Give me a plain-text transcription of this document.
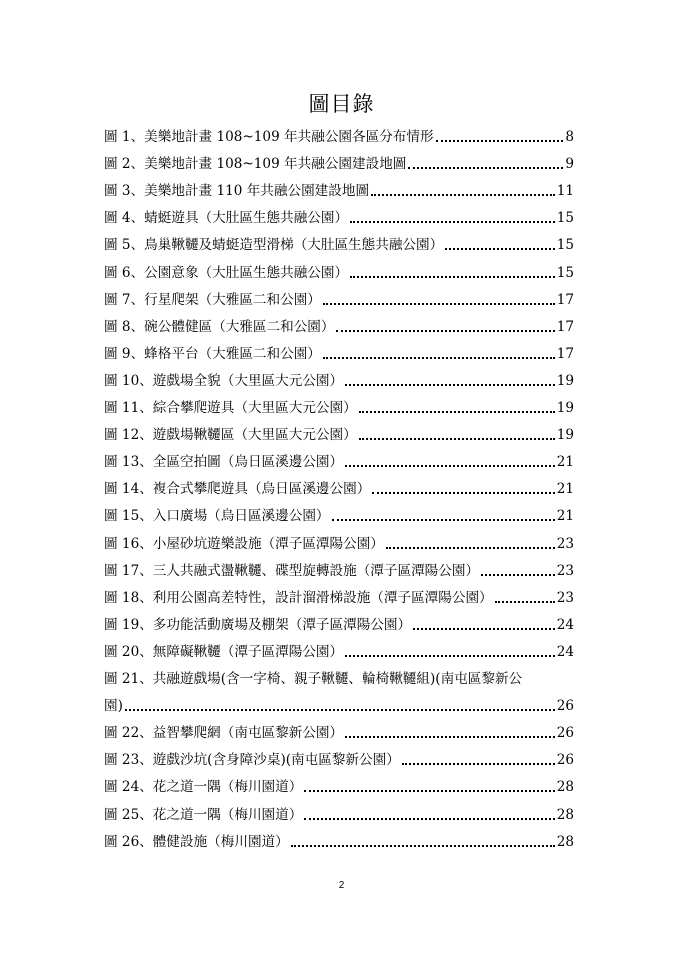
圖目錄
圖 1、美樂地計畫 108~109 年共融公園各區分布情形	8
圖 2、美樂地計畫 108~109 年共融公園建設地圖	9
圖 3、美樂地計畫 110 年共融公園建設地圖	11
圖 4、蜻蜓遊具（大肚區生態共融公園）	15
圖 5、鳥巢鞦韆及蜻蜓造型滑梯（大肚區生態共融公園）	15
圖 6、公園意象（大肚區生態共融公園）	15
圖 7、行星爬架（大雅區二和公園）	17
圖 8、碗公體健區（大雅區二和公園）	17
圖 9、蜂格平台（大雅區二和公園）	17
圖 10、遊戲場全貌（大里區大元公園）	19
圖 11、綜合攀爬遊具（大里區大元公園）	19
圖 12、遊戲場鞦韆區（大里區大元公園）	19
圖 13、全區空拍圖（烏日區溪邊公園）	21
圖 14、複合式攀爬遊具（烏日區溪邊公園）	21
圖 15、入口廣場（烏日區溪邊公園）	21
圖 16、小屋砂坑遊樂設施（潭子區潭陽公園）	23
圖 17、三人共融式盪鞦韆、碟型旋轉設施（潭子區潭陽公園）	23
圖 18、利用公園高差特性，設計溜滑梯設施（潭子區潭陽公園）	23
圖 19、多功能活動廣場及棚架（潭子區潭陽公園）	24
圖 20、無障礙鞦韆（潭子區潭陽公園）	24
圖 21、共融遊戲場(含一字椅、親子鞦韆、輪椅鞦韆組)(南屯區黎新公
園)	26
圖 22、益智攀爬網（南屯區黎新公園）	26
圖 23、遊戲沙坑(含身障沙桌)(南屯區黎新公園）	26
圖 24、花之道一隅（梅川園道）	28
圖 25、花之道一隅（梅川園道）	28
圖 26、體健設施（梅川園道）	28
2
